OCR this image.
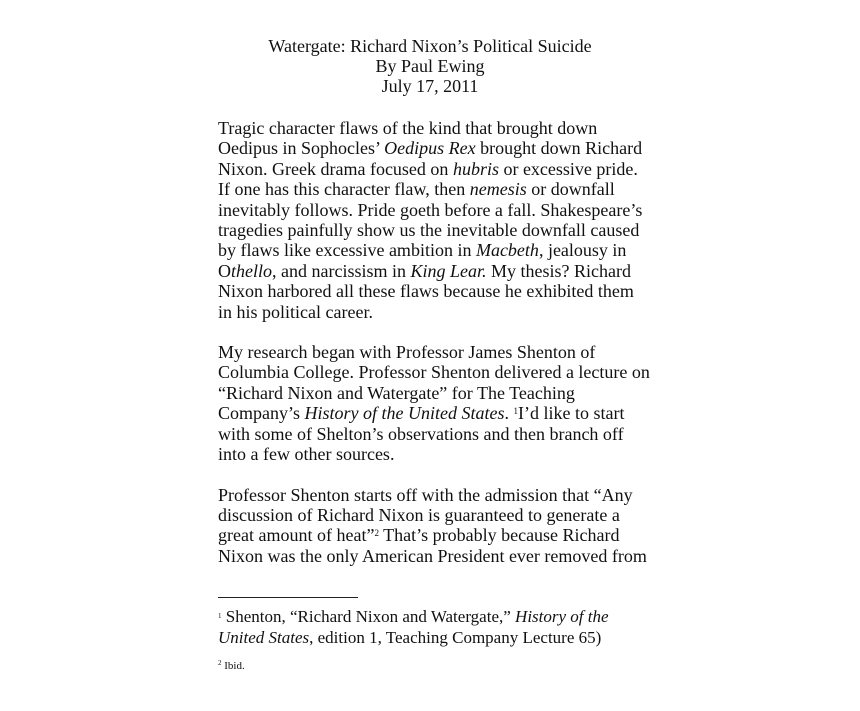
Watergate: Richard Nixon’s Political Suicide
By Paul Ewing
July 17, 2011
Tragic character flaws of the kind that brought down
Oedipus in Sophocles’ Oedipus Rex brought down Richard
Nixon. Greek drama focused on hubris or excessive pride.
If one has this character flaw, then nemesis or downfall
inevitably follows. Pride goeth before a fall. Shakespeare’s
tragedies painfully show us the inevitable downfall caused
by flaws like excessive ambition in Macbeth, jealousy in
Othello, and narcissism in King Lear. My thesis? Richard
Nixon harbored all these flaws because he exhibited them
in his political career.
My research began with Professor James Shenton of
Columbia College. Professor Shenton delivered a lecture on
“Richard Nixon and Watergate” for The Teaching
Company’s History of the United States. $^1$I’d like to start
with some of Shelton’s observations and then branch off
into a few other sources.
Professor Shenton starts off with the admission that “Any
discussion of Richard Nixon is guaranteed to generate a
great amount of heat”$^2$ That’s probably because Richard
Nixon was the only American President ever removed from
$^1$ Shenton, “Richard Nixon and Watergate,” History of the
United States, edition 1, Teaching Company Lecture 65)
$^2$ Ibid.
